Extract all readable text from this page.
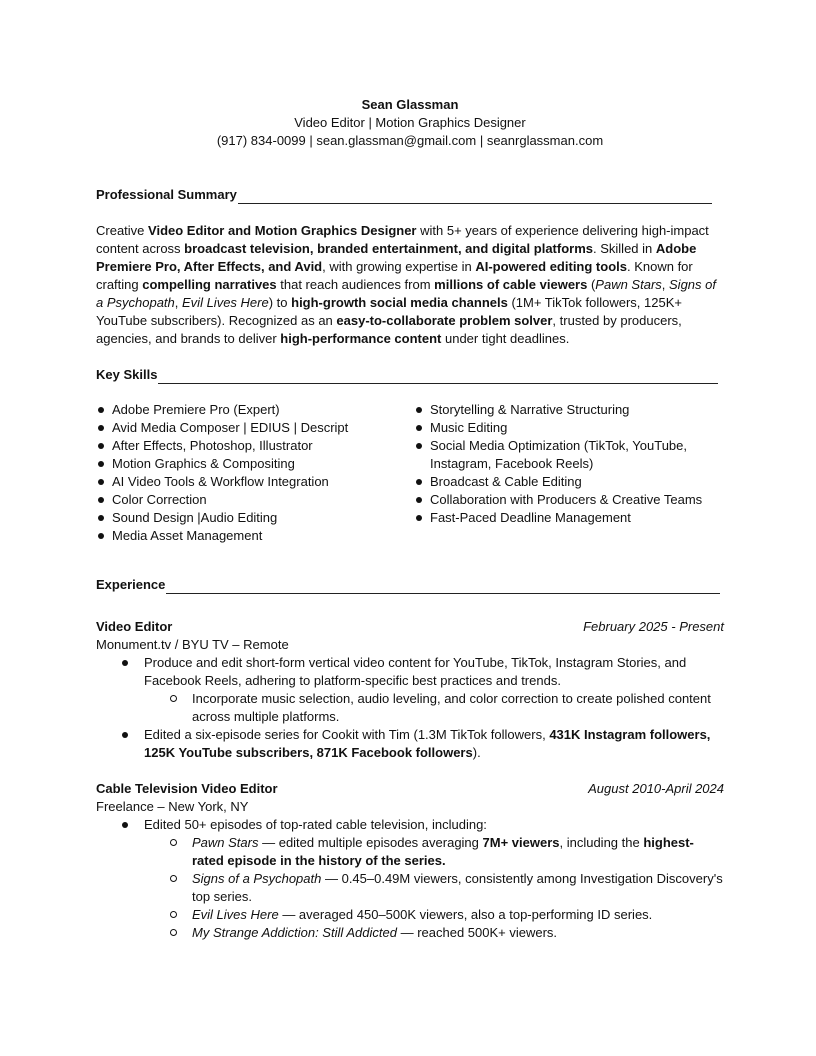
Sean Glassman
Video Editor | Motion Graphics Designer
(917) 834-0099 | sean.glassman@gmail.com | seanrglassman.com
Professional Summary

Creative Video Editor and Motion Graphics Designer with 5+ years of experience delivering high-impact content across broadcast television, branded entertainment, and digital platforms. Skilled in Adobe Premiere Pro, After Effects, and Avid, with growing expertise in AI-powered editing tools. Known for crafting compelling narratives that reach audiences from millions of cable viewers (Pawn Stars, Signs of a Psychopath, Evil Lives Here) to high-growth social media channels (1M+ TikTok followers, 125K+ YouTube subscribers). Recognized as an easy-to-collaborate problem solver, trusted by producers, agencies, and brands to deliver high-performance content under tight deadlines.

Key Skills
Adobe Premiere Pro (Expert)
Avid Media Composer | EDIUS | Descript
After Effects, Photoshop, Illustrator
Motion Graphics & Compositing
AI Video Tools & Workflow Integration
Color Correction
Sound Design |Audio Editing
Media Asset Management
Storytelling & Narrative Structuring
Music Editing
Social Media Optimization (TikTok, YouTube, Instagram, Facebook Reels)
Broadcast & Cable Editing
Collaboration with Producers & Creative Teams
Fast-Paced Deadline Management
Experience
Video Editor	February 2025 - Present
Monument.tv / BYU TV – Remote
Produce and edit short-form vertical video content for YouTube, TikTok, Instagram Stories, and Facebook Reels, adhering to platform-specific best practices and trends.
Incorporate music selection, audio leveling, and color correction to create polished content across multiple platforms.
Edited a six-episode series for Cookit with Tim (1.3M TikTok followers, 431K Instagram followers, 125K YouTube subscribers, 871K Facebook followers).
Cable Television Video Editor	August 2010-April 2024
Freelance – New York, NY
Edited 50+ episodes of top-rated cable television, including:
Pawn Stars — edited multiple episodes averaging 7M+ viewers, including the highest-rated episode in the history of the series.
Signs of a Psychopath — 0.45–0.49M viewers, consistently among Investigation Discovery's top series.
Evil Lives Here — averaged 450–500K viewers, also a top-performing ID series.
My Strange Addiction: Still Addicted — reached 500K+ viewers.
